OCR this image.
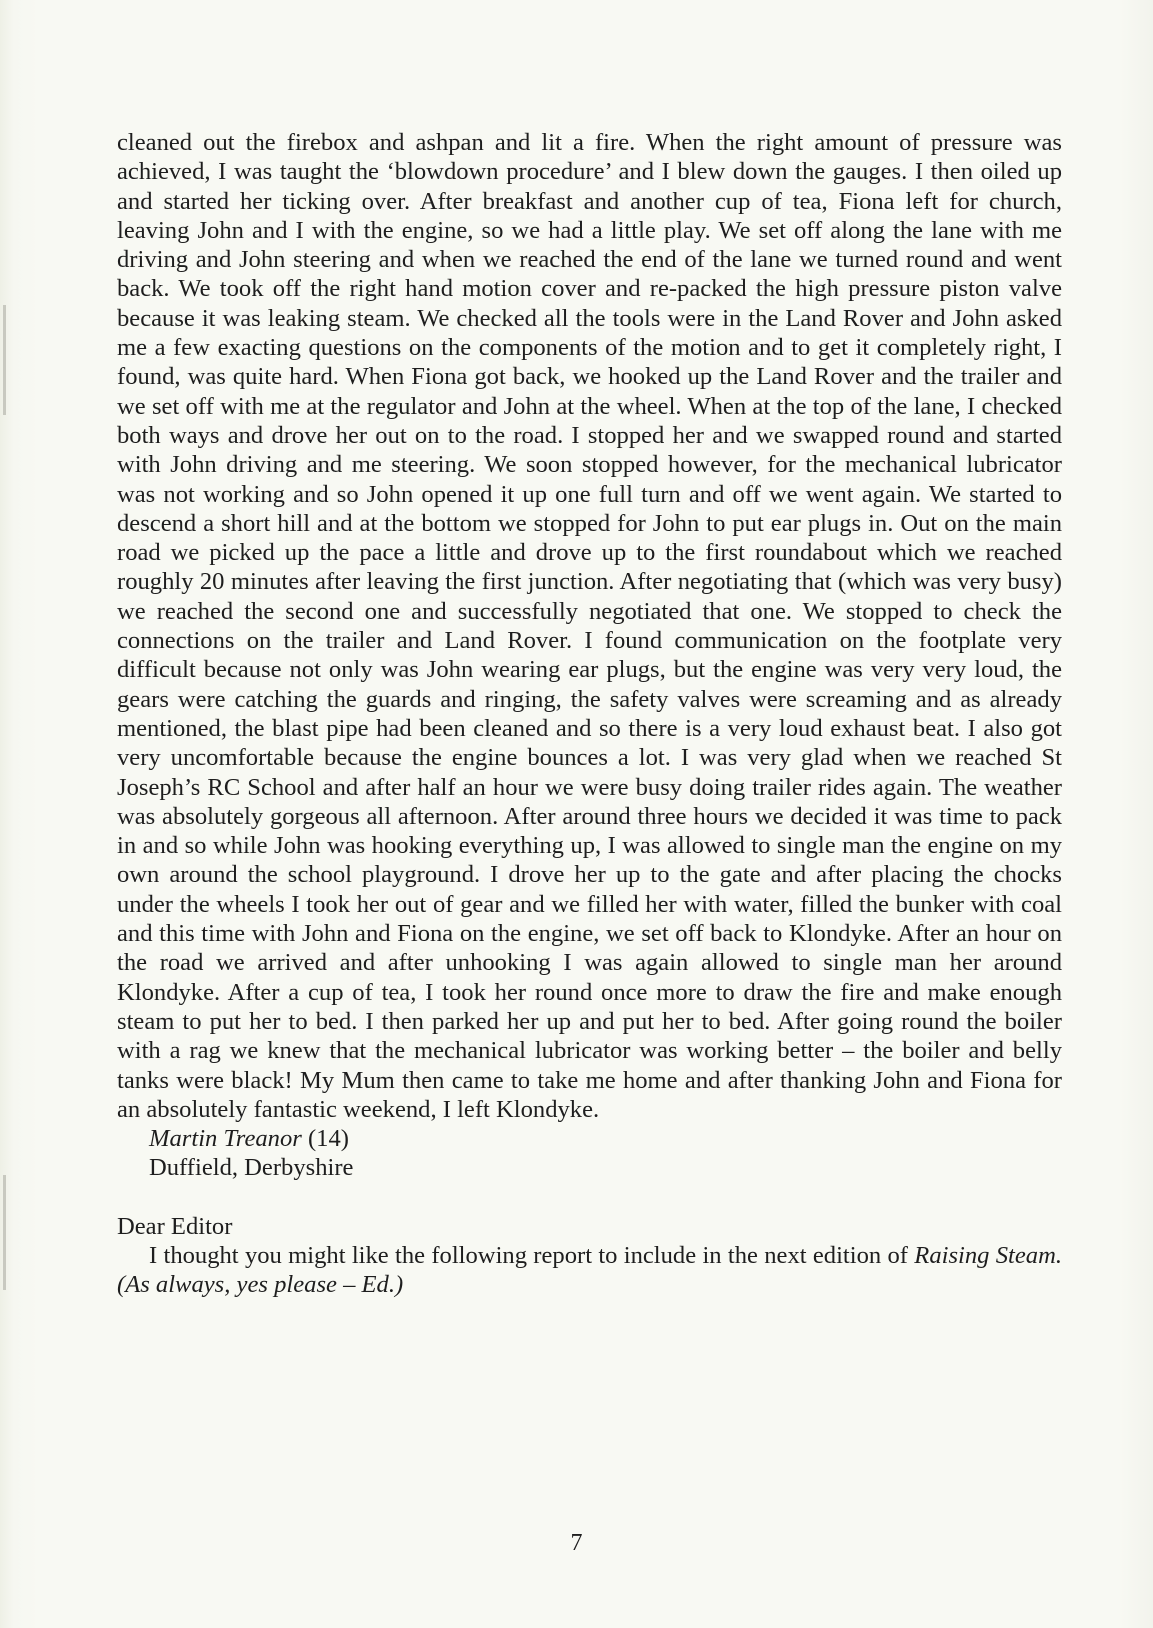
cleaned out the firebox and ashpan and lit a fire. When the right amount of pressure was achieved, I was taught the ‘blowdown procedure’ and I blew down the gauges. I then oiled up and started her ticking over. After breakfast and another cup of tea, Fiona left for church, leaving John and I with the engine, so we had a little play. We set off along the lane with me driving and John steering and when we reached the end of the lane we turned round and went back. We took off the right hand motion cover and re-packed the high pressure piston valve because it was leaking steam. We checked all the tools were in the Land Rover and John asked me a few exacting questions on the components of the motion and to get it completely right, I found, was quite hard. When Fiona got back, we hooked up the Land Rover and the trailer and we set off with me at the regulator and John at the wheel. When at the top of the lane, I checked both ways and drove her out on to the road. I stopped her and we swapped round and started with John driving and me steering. We soon stopped however, for the mechanical lubricator was not working and so John opened it up one full turn and off we went again. We started to descend a short hill and at the bottom we stopped for John to put ear plugs in. Out on the main road we picked up the pace a little and drove up to the first roundabout which we reached roughly 20 minutes after leaving the first junction. After negotiating that (which was very busy) we reached the second one and successfully negotiated that one. We stopped to check the connections on the trailer and Land Rover. I found communication on the footplate very difficult because not only was John wearing ear plugs, but the engine was very very loud, the gears were catching the guards and ringing, the safety valves were screaming and as already mentioned, the blast pipe had been cleaned and so there is a very loud exhaust beat. I also got very uncomfortable because the engine bounces a lot. I was very glad when we reached St Joseph’s RC School and after half an hour we were busy doing trailer rides again. The weather was absolutely gorgeous all afternoon. After around three hours we decided it was time to pack in and so while John was hooking everything up, I was allowed to single man the engine on my own around the school playground. I drove her up to the gate and after placing the chocks under the wheels I took her out of gear and we filled her with water, filled the bunker with coal and this time with John and Fiona on the engine, we set off back to Klondyke. After an hour on the road we arrived and after unhooking I was again allowed to single man her around Klondyke. After a cup of tea, I took her round once more to draw the fire and make enough steam to put her to bed. I then parked her up and put her to bed. After going round the boiler with a rag we knew that the mechanical lubricator was working better – the boiler and belly tanks were black! My Mum then came to take me home and after thanking John and Fiona for an absolutely fantastic weekend, I left Klondyke.

Martin Treanor (14)

Duffield, Derbyshire

Dear Editor

I thought you might like the following report to include in the next edition of Raising Steam. (As always, yes please – Ed.)

7
